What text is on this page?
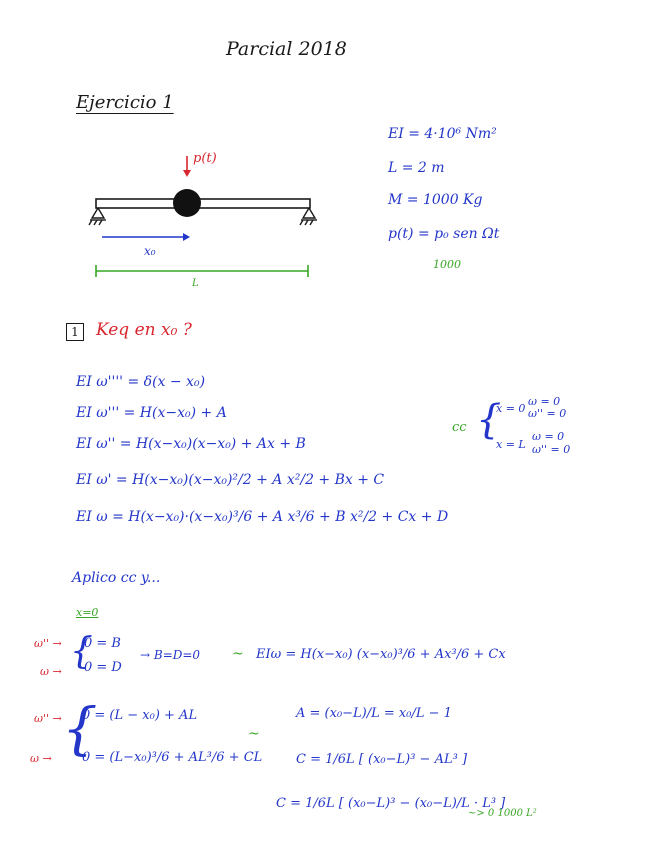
Parcial 2018
Ejercicio 1
p(t)
x₀
L
EI = 4·10⁶ Nm²
L = 2 m
M = 1000 Kg
p(t) = p₀ sen Ωt
1000
1	Keq en x₀ ?
EI ω'''' = δ(x − x₀)
EI ω''' = H(x−x₀) + A
EI ω'' = H(x−x₀)(x−x₀) + Ax + B
EI ω' = H(x−x₀)(x−x₀)²/2 + A x²/2 + Bx + C
EI ω = H(x−x₀)·(x−x₀)³/6 + A x³/6 + B x²/2 + Cx + D
cc {
x = 0
ω = 0
ω'' = 0
x = L
ω = 0
ω'' = 0
Aplico cc y...
x=0
ω'' →
ω → {
0 = B
0 = D
→ B=D=0 ~ EIω = H(x−x₀) (x−x₀)³/6 + Ax³/6 + Cx
ω'' →
ω → {
0 = (L − x₀) + AL
0 = (L−x₀)³/6 + AL³/6 + CL
~
A = (x₀−L)/L = x₀/L − 1
C = 1/6L [ (x₀−L)³ − AL³ ]
C = 1/6L [ (x₀−L)³ − (x₀−L)/L · L³ ]
~> 0 1000 L²
